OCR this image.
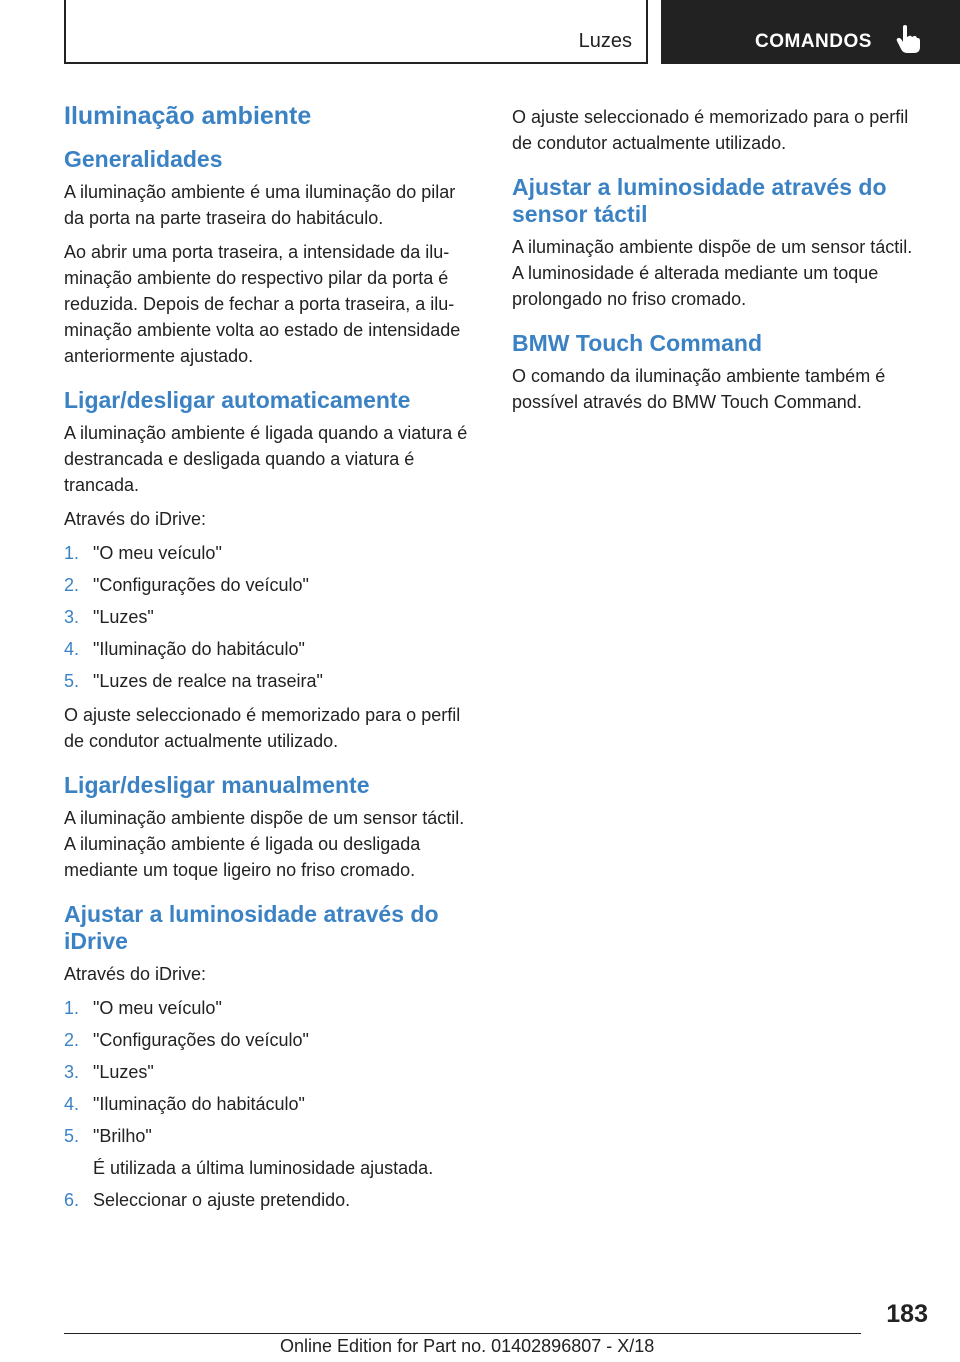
Luzes	COMANDOS
Iluminação ambiente
Generalidades

A iluminação ambiente é uma iluminação do pilar da porta na parte traseira do habitáculo.

Ao abrir uma porta traseira, a intensidade da iluminação ambiente do respectivo pilar da porta é reduzida. Depois de fechar a porta traseira, a iluminação ambiente volta ao estado de intensidade anteriormente ajustado.

Ligar/desligar automaticamente

A iluminação ambiente é ligada quando a viatura é destrancada e desligada quando a viatura é trancada.

Através do iDrive:

1. "O meu veículo"
2. "Configurações do veículo"
3. "Luzes"
4. "Iluminação do habitáculo"
5. "Luzes de realce na traseira"

O ajuste seleccionado é memorizado para o perfil de condutor actualmente utilizado.

Ligar/desligar manualmente

A iluminação ambiente dispõe de um sensor táctil. A iluminação ambiente é ligada ou desligada mediante um toque ligeiro no friso cromado.

Ajustar a luminosidade através do iDrive

Através do iDrive:

1. "O meu veículo"
2. "Configurações do veículo"
3. "Luzes"
4. "Iluminação do habitáculo"
5. "Brilho"
É utilizada a última luminosidade ajustada.
6. Seleccionar o ajuste pretendido.

O ajuste seleccionado é memorizado para o perfil de condutor actualmente utilizado.

Ajustar a luminosidade através do sensor táctil

A iluminação ambiente dispõe de um sensor táctil. A luminosidade é alterada mediante um toque prolongado no friso cromado.

BMW Touch Command

O comando da iluminação ambiente também é possível através do BMW Touch Command.

183
Online Edition for Part no. 01402896807 - X/18
